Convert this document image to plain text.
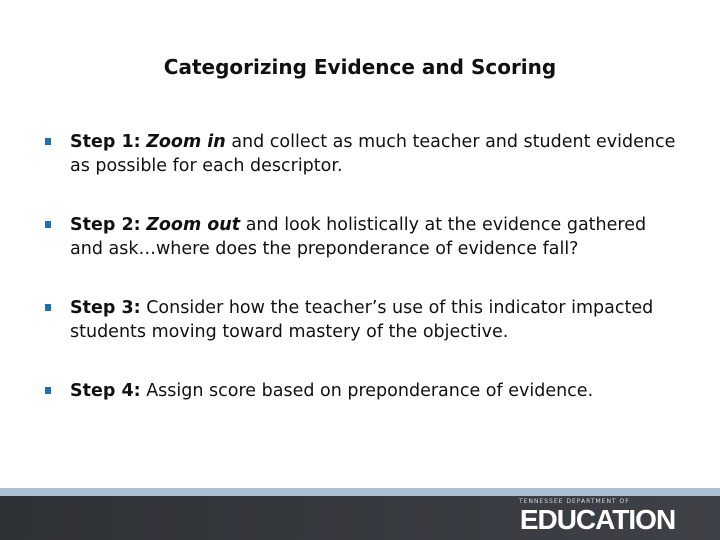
Categorizing Evidence and Scoring
Step 1: Zoom in and collect as much teacher and student evidence as possible for each descriptor.
Step 2: Zoom out and look holistically at the evidence gathered and ask…where does the preponderance of evidence fall?
Step 3: Consider how the teacher’s use of this indicator impacted students moving toward mastery of the objective.
Step 4: Assign score based on preponderance of evidence.
TENNESSEE DEPARTMENT OF
EDUCATION
